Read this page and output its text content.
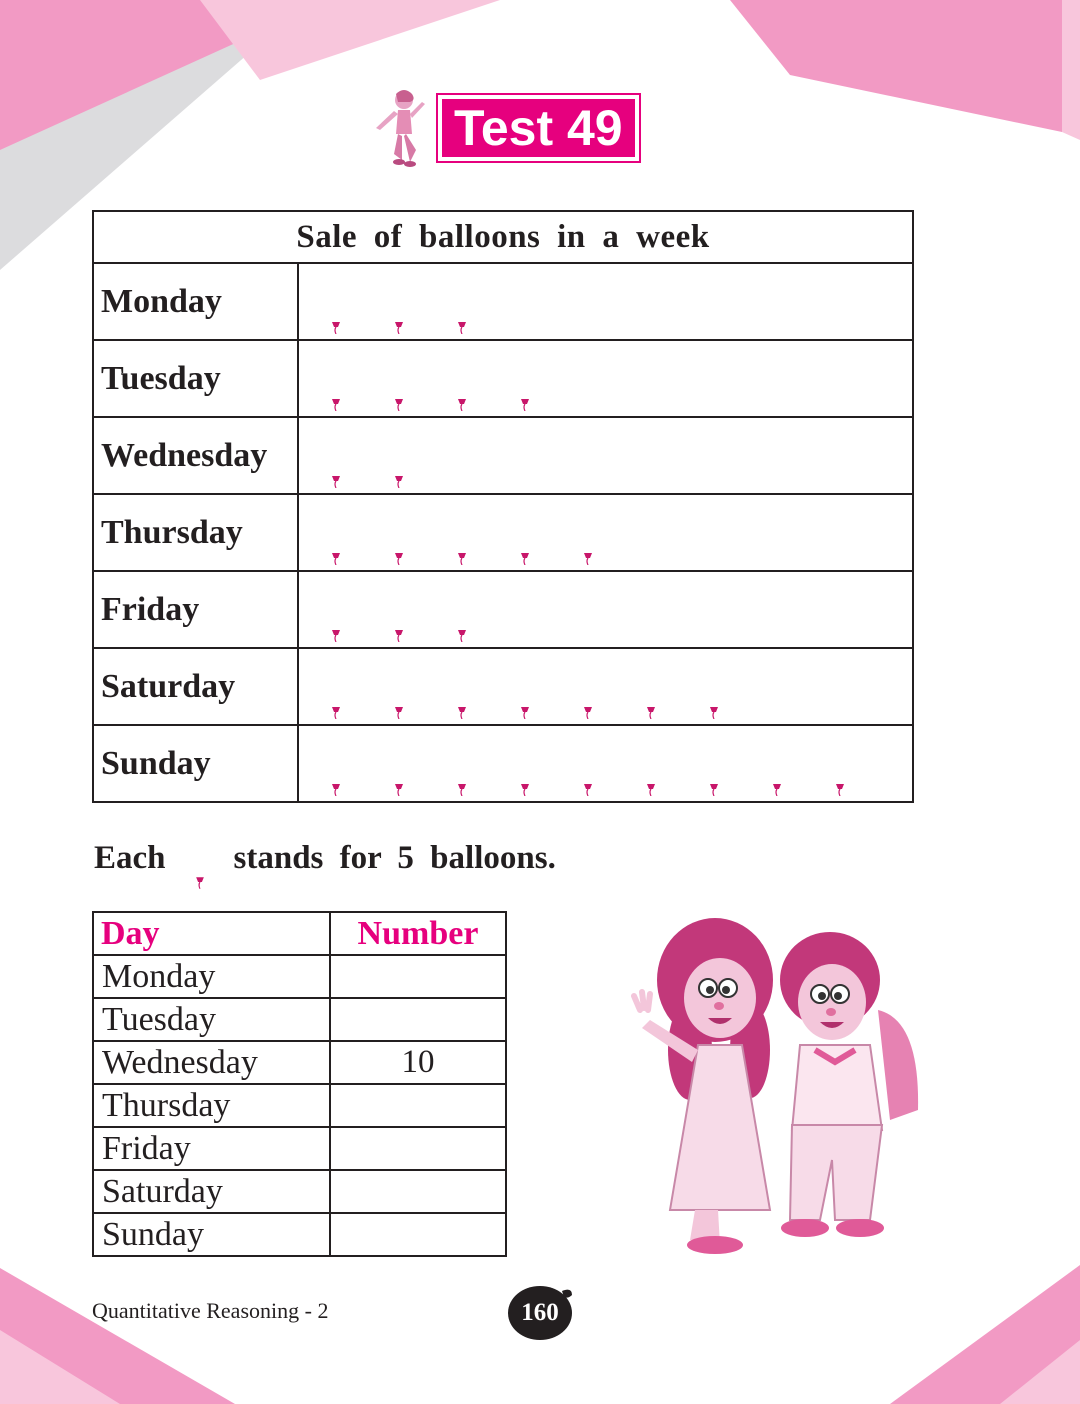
Test 49
Sale of balloons in a week	
Monday	
Tuesday	
Wednesday	
Thursday	
Friday	
Saturday	
Sunday	
Each stands for 5 balloons.
Day	Number
Monday	
Tuesday	
Wednesday	10
Thursday	
Friday	
Saturday	
Sunday	
Quantitative Reasoning - 2	160
